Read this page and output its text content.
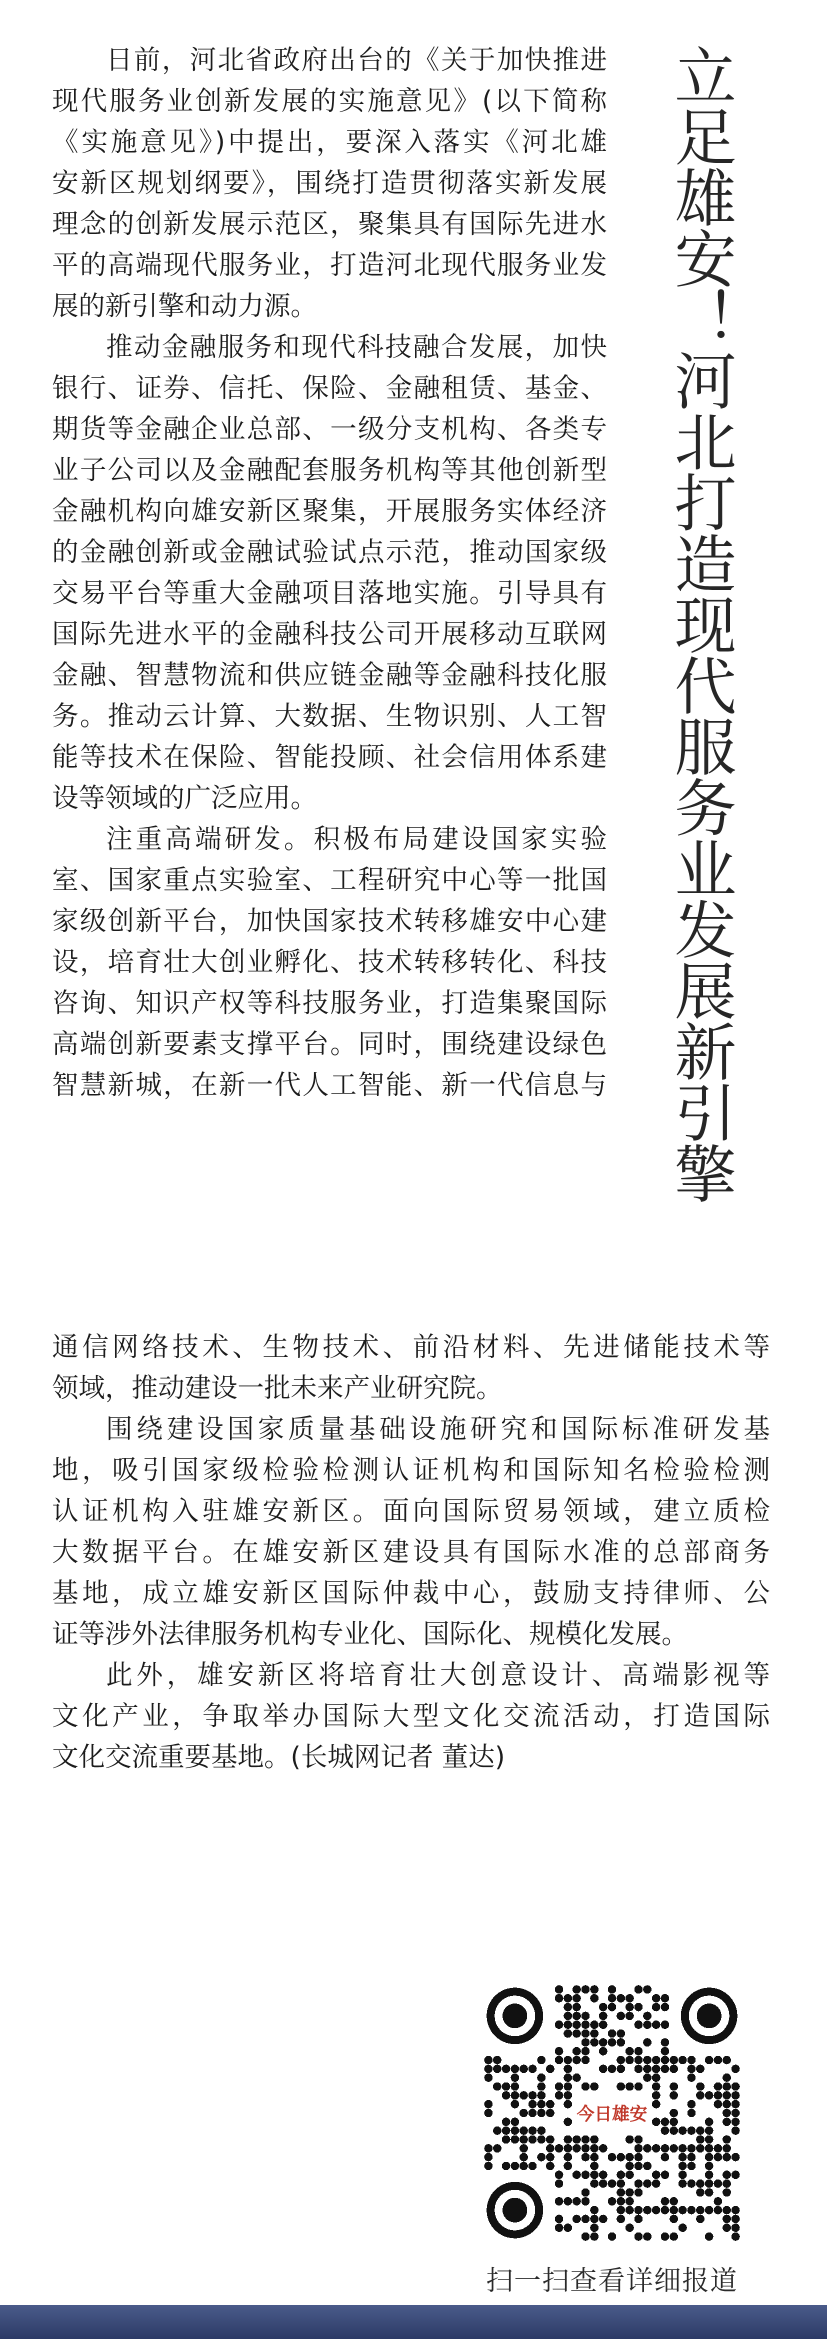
立足雄安！河北打造现代服务业发展新引擎

日前，河北省政府出台的《关于加快推进
现代服务业创新发展的实施意见》(以下简称
《实施意见》)中提出，要深入落实《河北雄
安新区规划纲要》，围绕打造贯彻落实新发展
理念的创新发展示范区，聚集具有国际先进水
平的高端现代服务业，打造河北现代服务业发
展的新引擎和动力源。

推动金融服务和现代科技融合发展，加快
银行、证券、信托、保险、金融租赁、基金、
期货等金融企业总部、一级分支机构、各类专
业子公司以及金融配套服务机构等其他创新型
金融机构向雄安新区聚集，开展服务实体经济
的金融创新或金融试验试点示范，推动国家级
交易平台等重大金融项目落地实施。引导具有
国际先进水平的金融科技公司开展移动互联网
金融、智慧物流和供应链金融等金融科技化服
务。推动云计算、大数据、生物识别、人工智
能等技术在保险、智能投顾、社会信用体系建
设等领域的广泛应用。

注重高端研发。积极布局建设国家实验
室、国家重点实验室、工程研究中心等一批国
家级创新平台，加快国家技术转移雄安中心建
设，培育壮大创业孵化、技术转移转化、科技
咨询、知识产权等科技服务业，打造集聚国际
高端创新要素支撑平台。同时，围绕建设绿色
智慧新城，在新一代人工智能、新一代信息与

通信网络技术、生物技术、前沿材料、先进储能技术等
领域，推动建设一批未来产业研究院。

围绕建设国家质量基础设施研究和国际标准研发基
地，吸引国家级检验检测认证机构和国际知名检验检测
认证机构入驻雄安新区。面向国际贸易领域，建立质检
大数据平台。在雄安新区建设具有国际水准的总部商务
基地，成立雄安新区国际仲裁中心，鼓励支持律师、公
证等涉外法律服务机构专业化、国际化、规模化发展。

此外，雄安新区将培育壮大创意设计、高端影视等
文化产业，争取举办国际大型文化交流活动，打造国际
文化交流重要基地。(长城网记者 董达)

今日雄安
扫一扫查看详细报道
